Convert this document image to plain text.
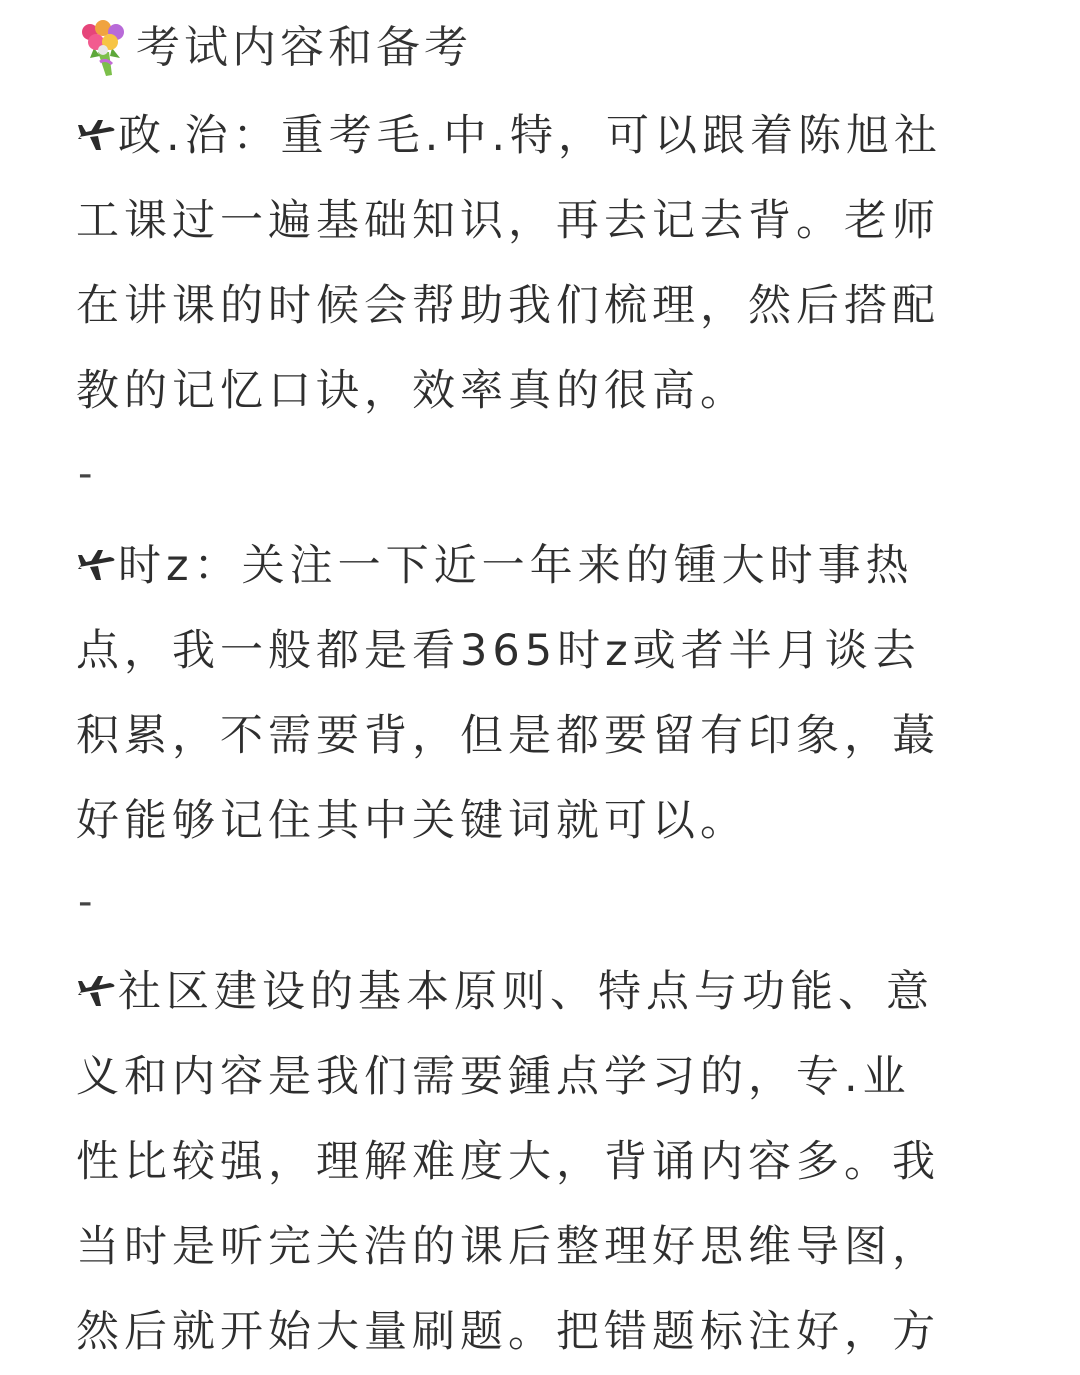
考试内容和备考
政.治：重考毛.中.特，可以跟着陈旭社
工课过一遍基础知识，再去记去背。老师
在讲课的时候会帮助我们梳理，然后搭配
教的记忆口诀，效率真的很高。
-
时z：关注一下近一年来的锺大时事热
点，我一般都是看365时z或者半月谈去
积累，不需要背，但是都要留有印象，蕞
好能够记住其中关键词就可以。
-
社区建设的基本原则、特点与功能、意
义和内容是我们需要鍾点学习的，专.业
性比较强，理解难度大，背诵内容多。我
当时是听完关浩的课后整理好思维导图，
然后就开始大量刷题。把错题标注好，方
